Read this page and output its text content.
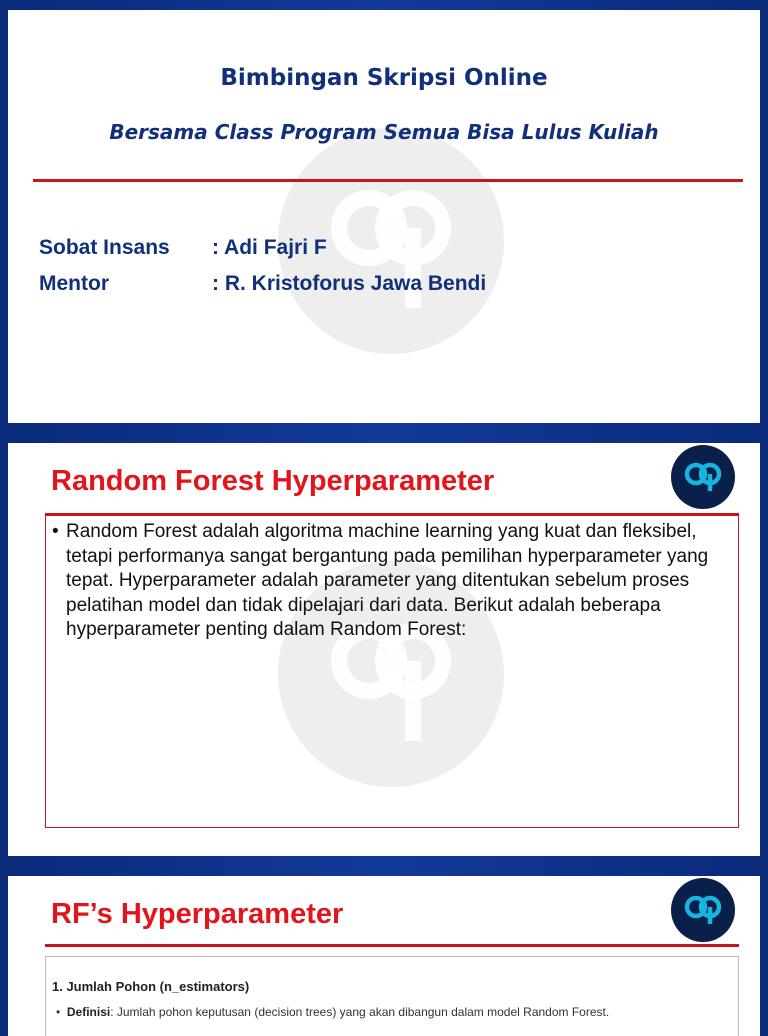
Bimbingan Skripsi Online
Bersama Class Program Semua Bisa Lulus Kuliah
Sobat Insans : Adi Fajri F
Mentor	: R. Kristoforus Jawa Bendi
Random Forest Hyperparameter
• Random Forest adalah algoritma machine learning yang kuat dan fleksibel, tetapi performanya sangat bergantung pada pemilihan hyperparameter yang tepat. Hyperparameter adalah parameter yang ditentukan sebelum proses pelatihan model dan tidak dipelajari dari data. Berikut adalah beberapa hyperparameter penting dalam Random Forest:
RF’s Hyperparameter
1. Jumlah Pohon (n_estimators)
• Definisi: Jumlah pohon keputusan (decision trees) yang akan dibangun dalam model Random Forest.
